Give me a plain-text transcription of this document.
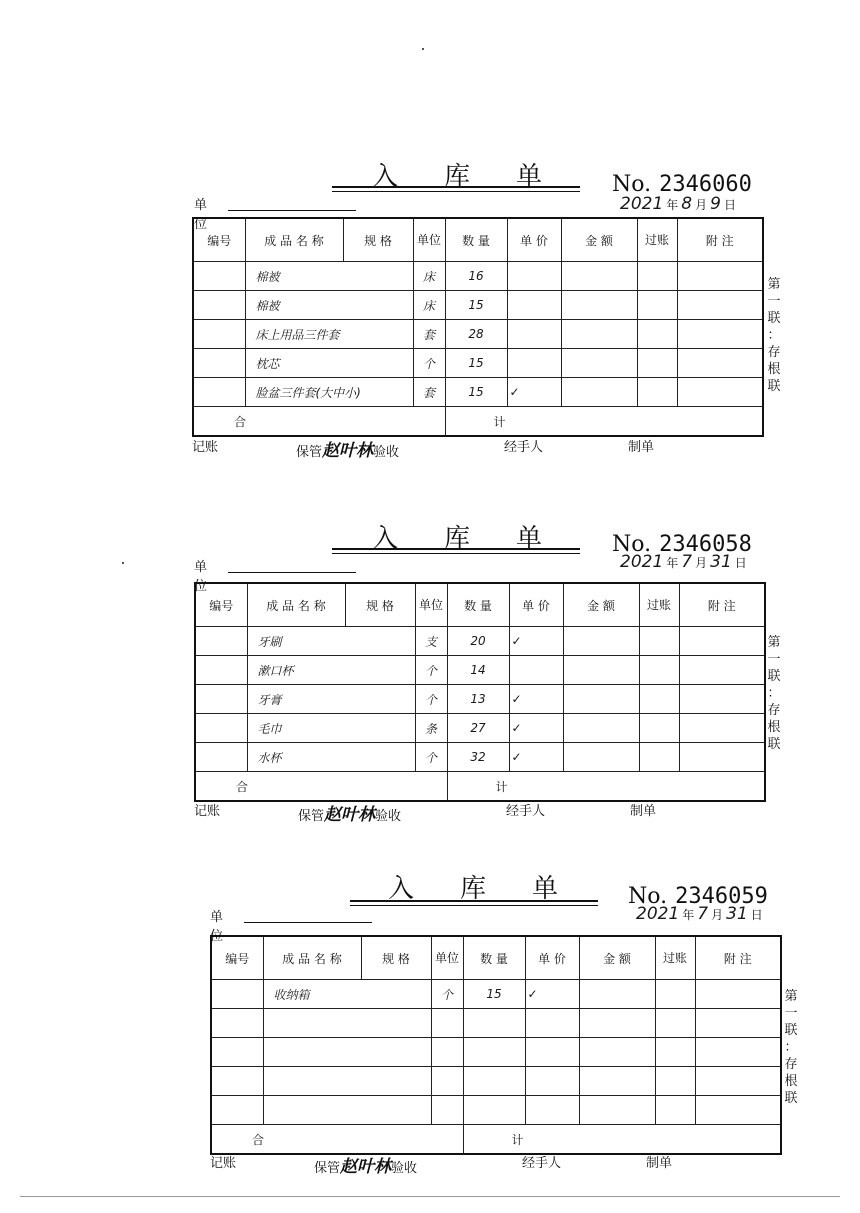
入 库 单	No. 2346060
单位
2021 年 8 月 9 日
编号	成 品 名 称	规 格	单位	数 量	单 价	金 额	过账	附 注
	棉被		床	16				
	棉被		床	15				
	床上用品三件套		套	28				
	枕芯		个	15				
	脸盆三件套(大中小)		套	15	✓			
合				计				
第
一
联
：
存
根
联
记账	保管赵叶林验收	经手人	制单
入 库 单	No. 2346058
单位
2021 年 7 月 31 日
编号	成 品 名 称	规 格	单位	数 量	单 价	金 额	过账	附 注
	牙刷		支	20	✓			
	漱口杯		个	14				
	牙膏		个	13	✓			
	毛巾		条	27	✓			
	水杯		个	32	✓			
合				计				
第
一
联
：
存
根
联
记账	保管赵叶林验收	经手人	制单
入 库 单	No. 2346059
单位
2021 年 7 月 31 日
编号	成 品 名 称	规 格	单位	数 量	单 价	金 额	过账	附 注
	收纳箱		个	15	✓			

合				计				
第
一
联
：
存
根
联
记账	保管赵叶林验收	经手人	制单
